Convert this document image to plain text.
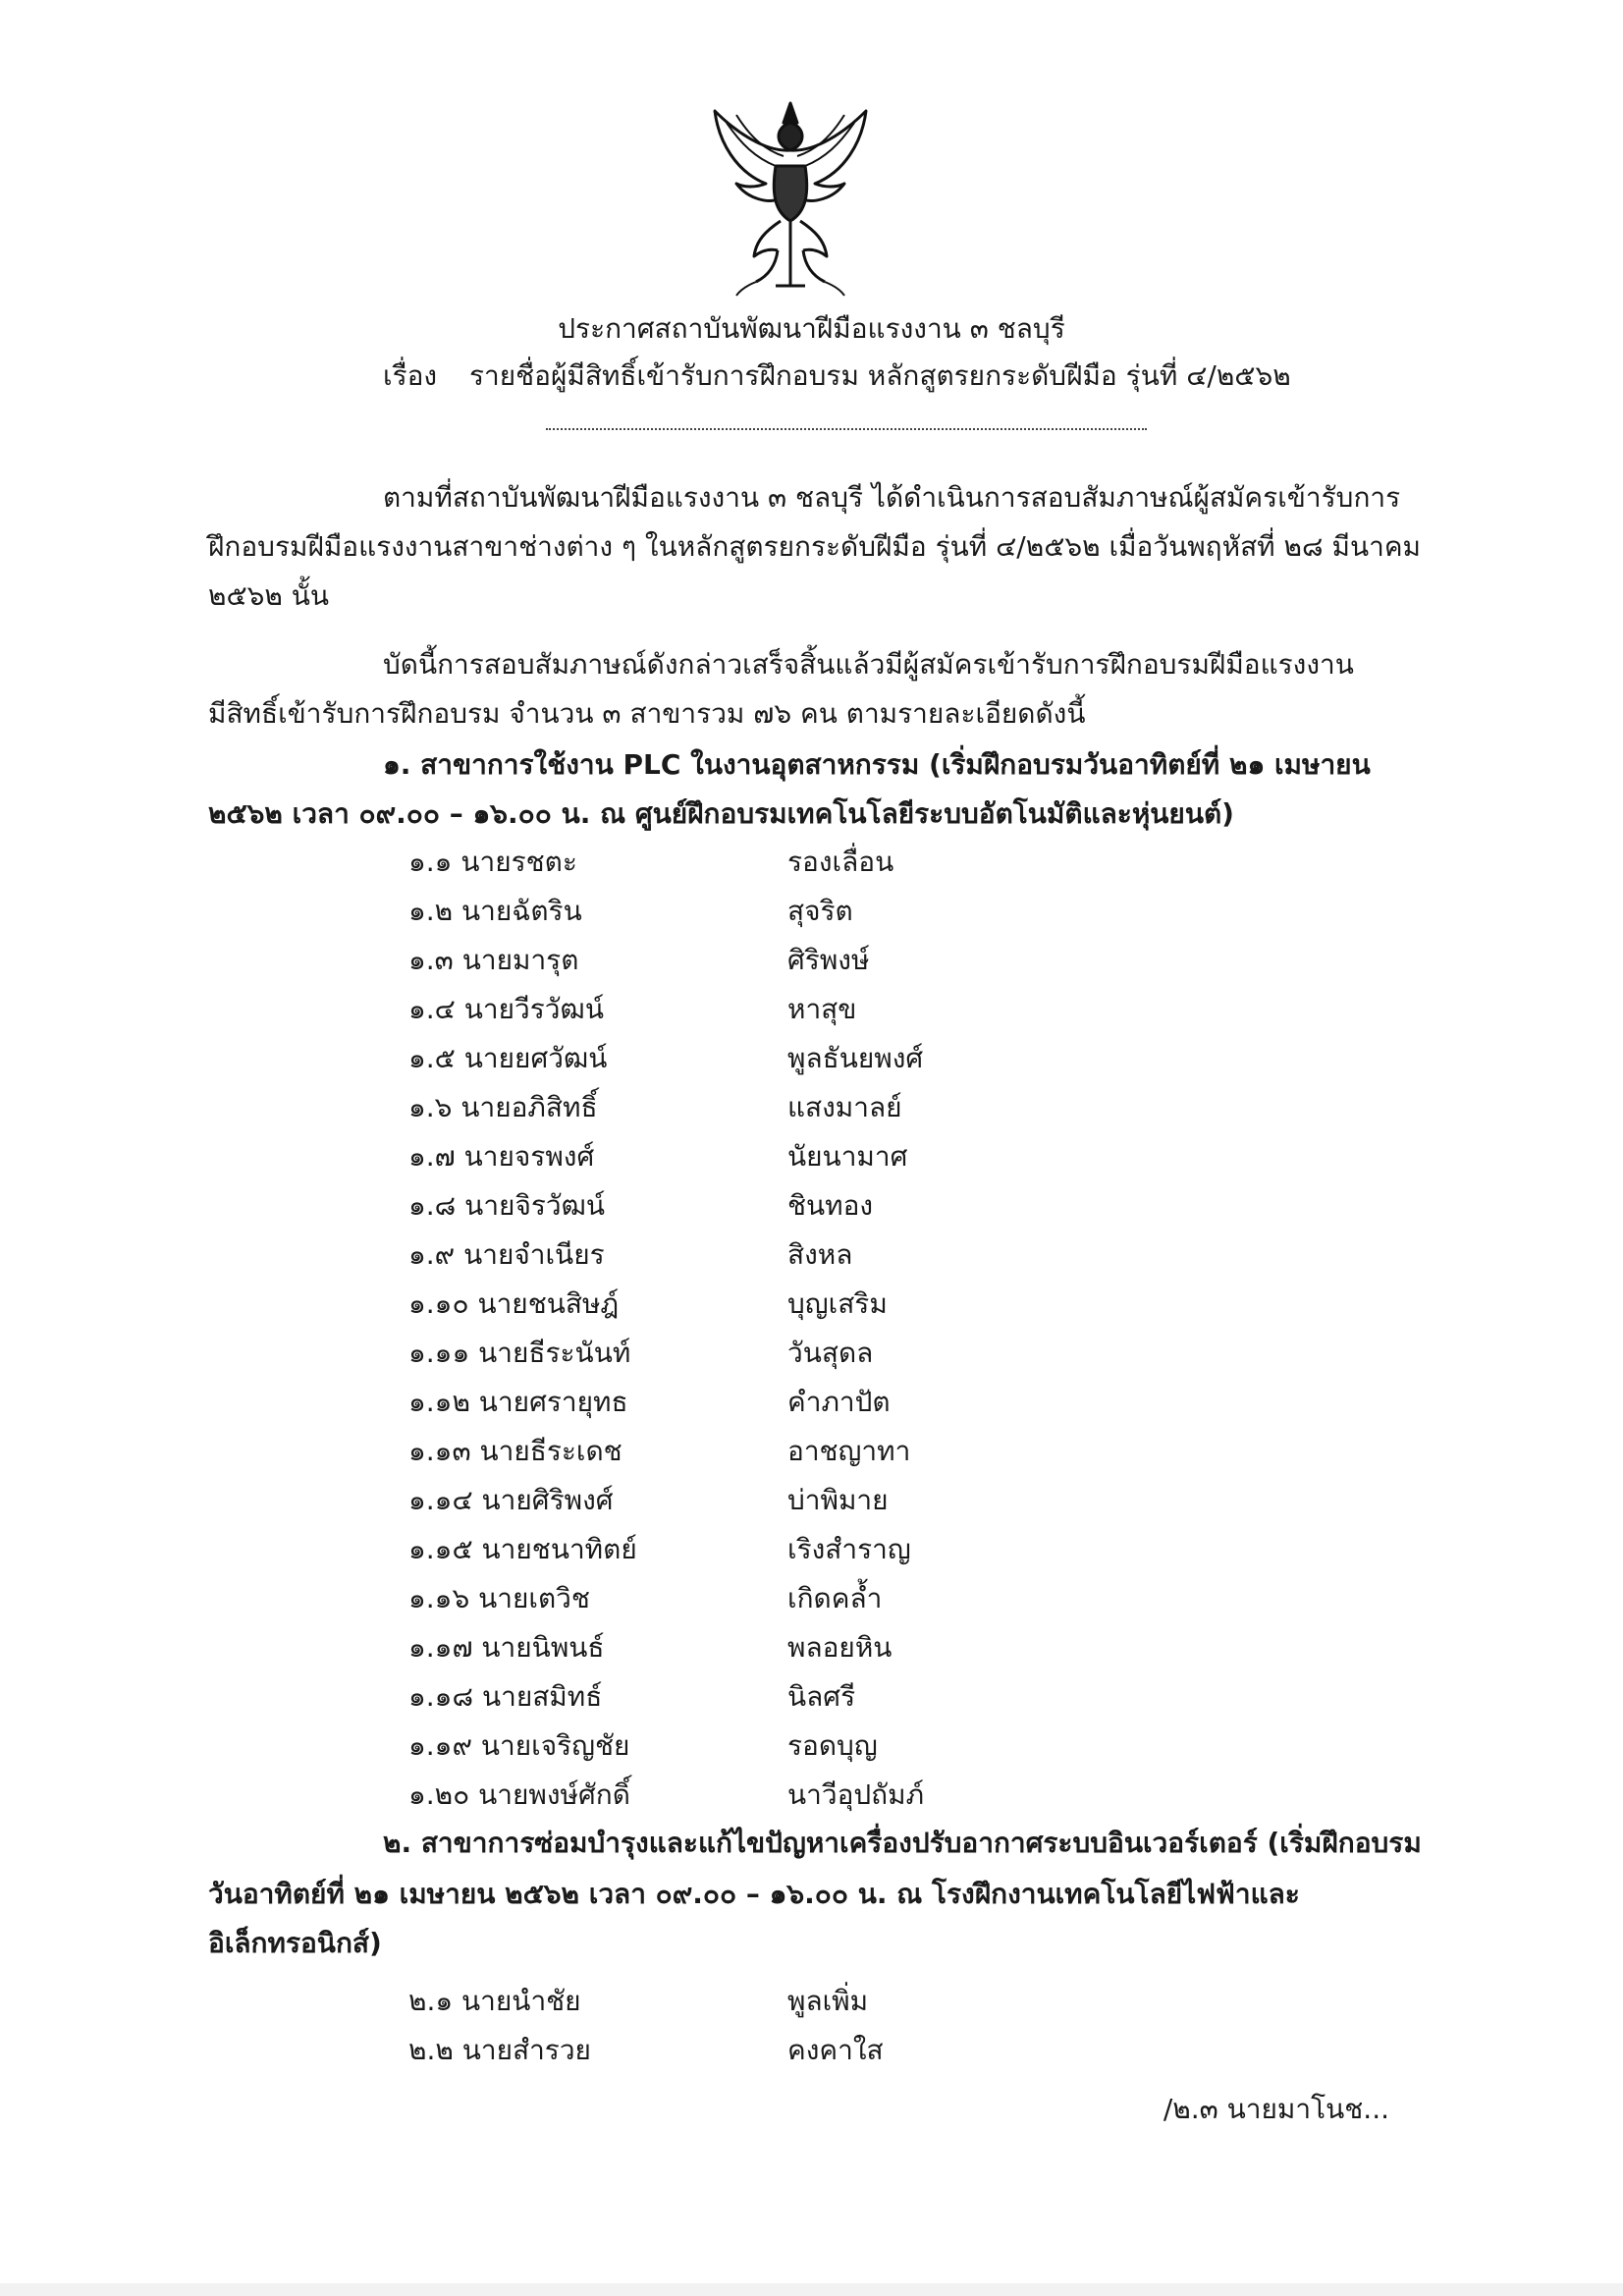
ประกาศสถาบันพัฒนาฝีมือแรงงาน ๓ ชลบุรี
เรื่อง รายชื่อผู้มีสิทธิ์เข้ารับการฝึกอบรม หลักสูตรยกระดับฝีมือ รุ่นที่ ๔/๒๕๖๒
ตามที่สถาบันพัฒนาฝีมือแรงงาน ๓ ชลบุรี ได้ดำเนินการสอบสัมภาษณ์ผู้สมัครเข้ารับการ
ฝึกอบรมฝีมือแรงงานสาขาช่างต่าง ๆ ในหลักสูตรยกระดับฝีมือ รุ่นที่ ๔/๒๕๖๒ เมื่อวันพฤหัสที่ ๒๘ มีนาคม
๒๕๖๒ นั้น
บัดนี้การสอบสัมภาษณ์ดังกล่าวเสร็จสิ้นแล้วมีผู้สมัครเข้ารับการฝึกอบรมฝีมือแรงงาน
มีสิทธิ์เข้ารับการฝึกอบรม จำนวน ๓ สาขารวม ๗๖ คน ตามรายละเอียดดังนี้
๑. สาขาการใช้งาน PLC ในงานอุตสาหกรรม (เริ่มฝึกอบรมวันอาทิตย์ที่ ๒๑ เมษายน
๒๕๖๒ เวลา ๐๙.๐๐ – ๑๖.๐๐ น. ณ ศูนย์ฝึกอบรมเทคโนโลยีระบบอัตโนมัติและหุ่นยนต์)
๑.๑ นายรชตะ	รองเลื่อน
๑.๒ นายฉัตริน	สุจริต
๑.๓ นายมารุต	ศิริพงษ์
๑.๔ นายวีรวัฒน์	หาสุข
๑.๕ นายยศวัฒน์	พูลธันยพงศ์
๑.๖ นายอภิสิทธิ์	แสงมาลย์
๑.๗ นายจรพงศ์	นัยนามาศ
๑.๘ นายจิรวัฒน์	ชินทอง
๑.๙ นายจำเนียร	สิงหล
๑.๑๐ นายชนสิษฎ์	บุญเสริม
๑.๑๑ นายธีระนันท์	วันสุดล
๑.๑๒ นายศรายุทธ	คำภาปัต
๑.๑๓ นายธีระเดช	อาชญาทา
๑.๑๔ นายศิริพงศ์	บ่าพิมาย
๑.๑๕ นายชนาทิตย์	เริงสำราญ
๑.๑๖ นายเตวิช	เกิดคล้ำ
๑.๑๗ นายนิพนธ์	พลอยหิน
๑.๑๘ นายสมิทธ์	นิลศรี
๑.๑๙ นายเจริญชัย	รอดบุญ
๑.๒๐ นายพงษ์ศักดิ์	นาวีอุปถัมภ์
๒. สาขาการซ่อมบำรุงและแก้ไขปัญหาเครื่องปรับอากาศระบบอินเวอร์เตอร์ (เริ่มฝึกอบรม
วันอาทิตย์ที่ ๒๑ เมษายน ๒๕๖๒ เวลา ๐๙.๐๐ – ๑๖.๐๐ น. ณ โรงฝึกงานเทคโนโลยีไฟฟ้าและ
อิเล็กทรอนิกส์)
๒.๑ นายนำชัย	พูลเพิ่ม
๒.๒ นายสำรวย	คงคาใส
/๒.๓ นายมาโนช...
